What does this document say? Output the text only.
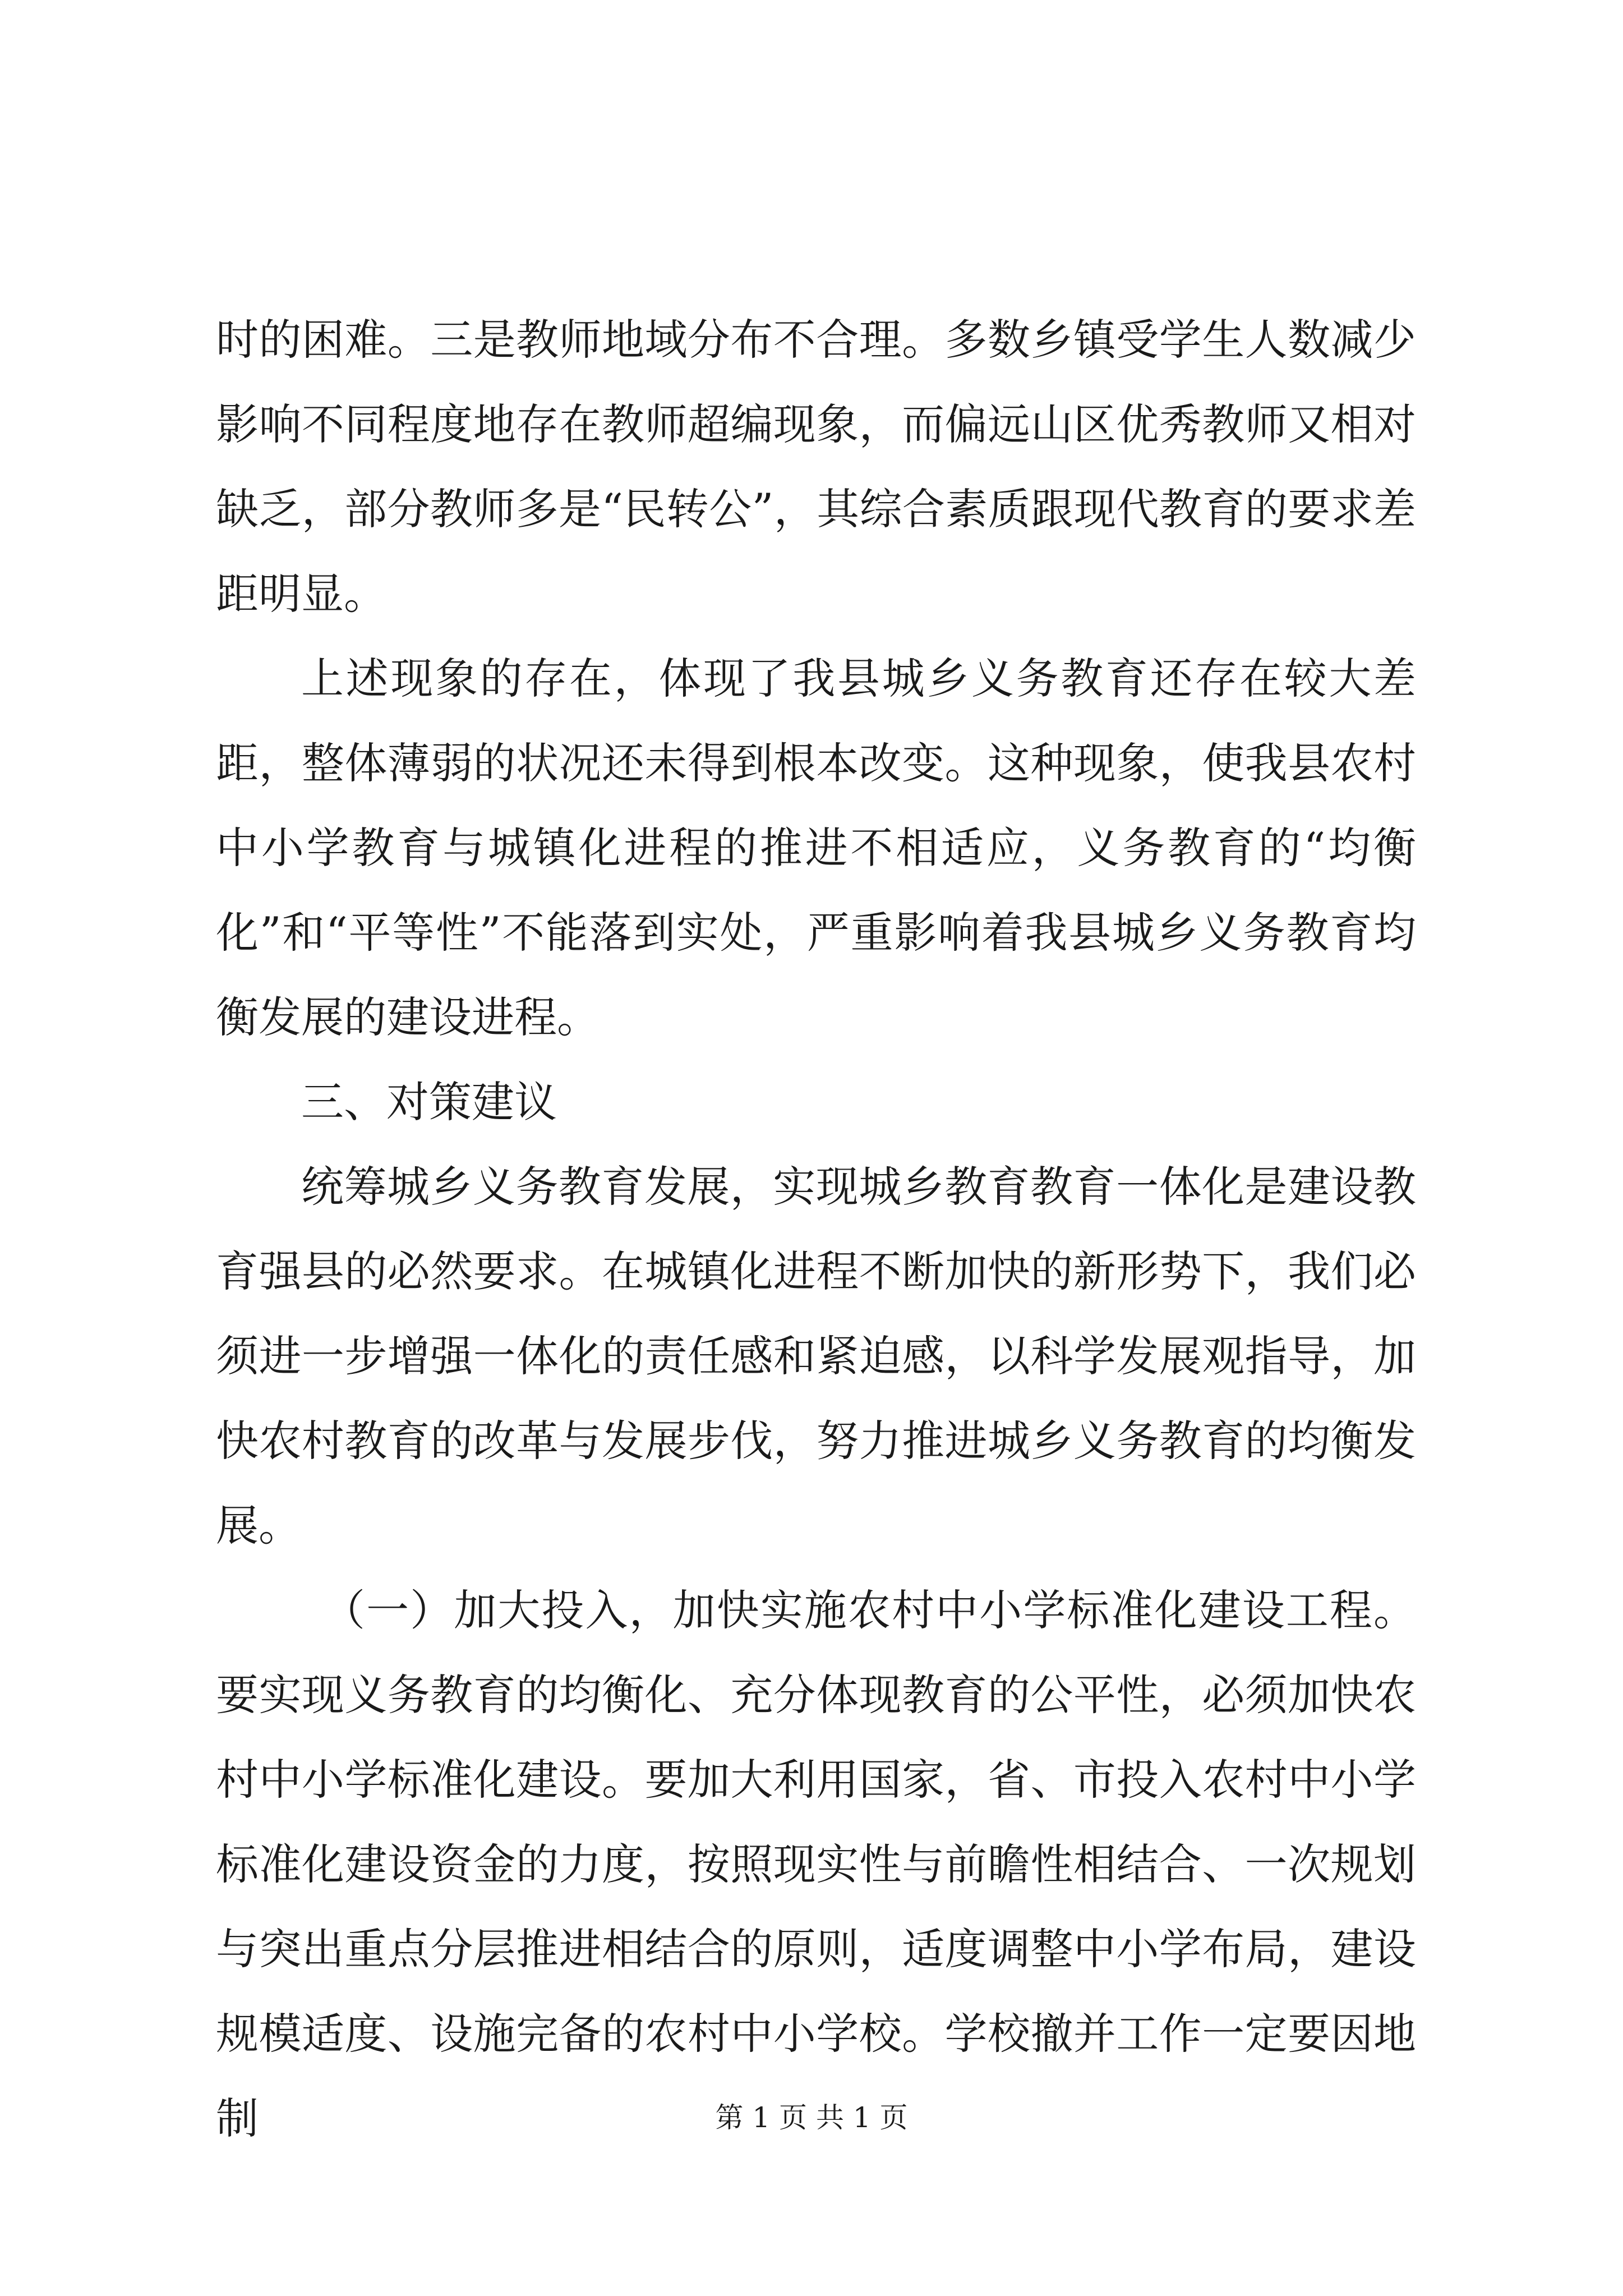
时的困难。三是教师地域分布不合理。多数乡镇受学生人数减少影响不同程度地存在教师超编现象，而偏远山区优秀教师又相对缺乏，部分教师多是“民转公”，其综合素质跟现代教育的要求差距明显。

上述现象的存在，体现了我县城乡义务教育还存在较大差距，整体薄弱的状况还未得到根本改变。这种现象，使我县农村中小学教育与城镇化进程的推进不相适应，义务教育的“均衡化”和“平等性”不能落到实处，严重影响着我县城乡义务教育均衡发展的建设进程。

三、对策建议

统筹城乡义务教育发展，实现城乡教育教育一体化是建设教育强县的必然要求。在城镇化进程不断加快的新形势下，我们必须进一步增强一体化的责任感和紧迫感，以科学发展观指导，加快农村教育的改革与发展步伐，努力推进城乡义务教育的均衡发展。

（一）加大投入，加快实施农村中小学标准化建设工程。要实现义务教育的均衡化、充分体现教育的公平性，必须加快农村中小学标准化建设。要加大利用国家，省、市投入农村中小学标准化建设资金的力度，按照现实性与前瞻性相结合、一次规划与突出重点分层推进相结合的原则，适度调整中小学布局，建设规模适度、设施完备的农村中小学校。学校撤并工作一定要因地制	第 1 页 共 1 页
